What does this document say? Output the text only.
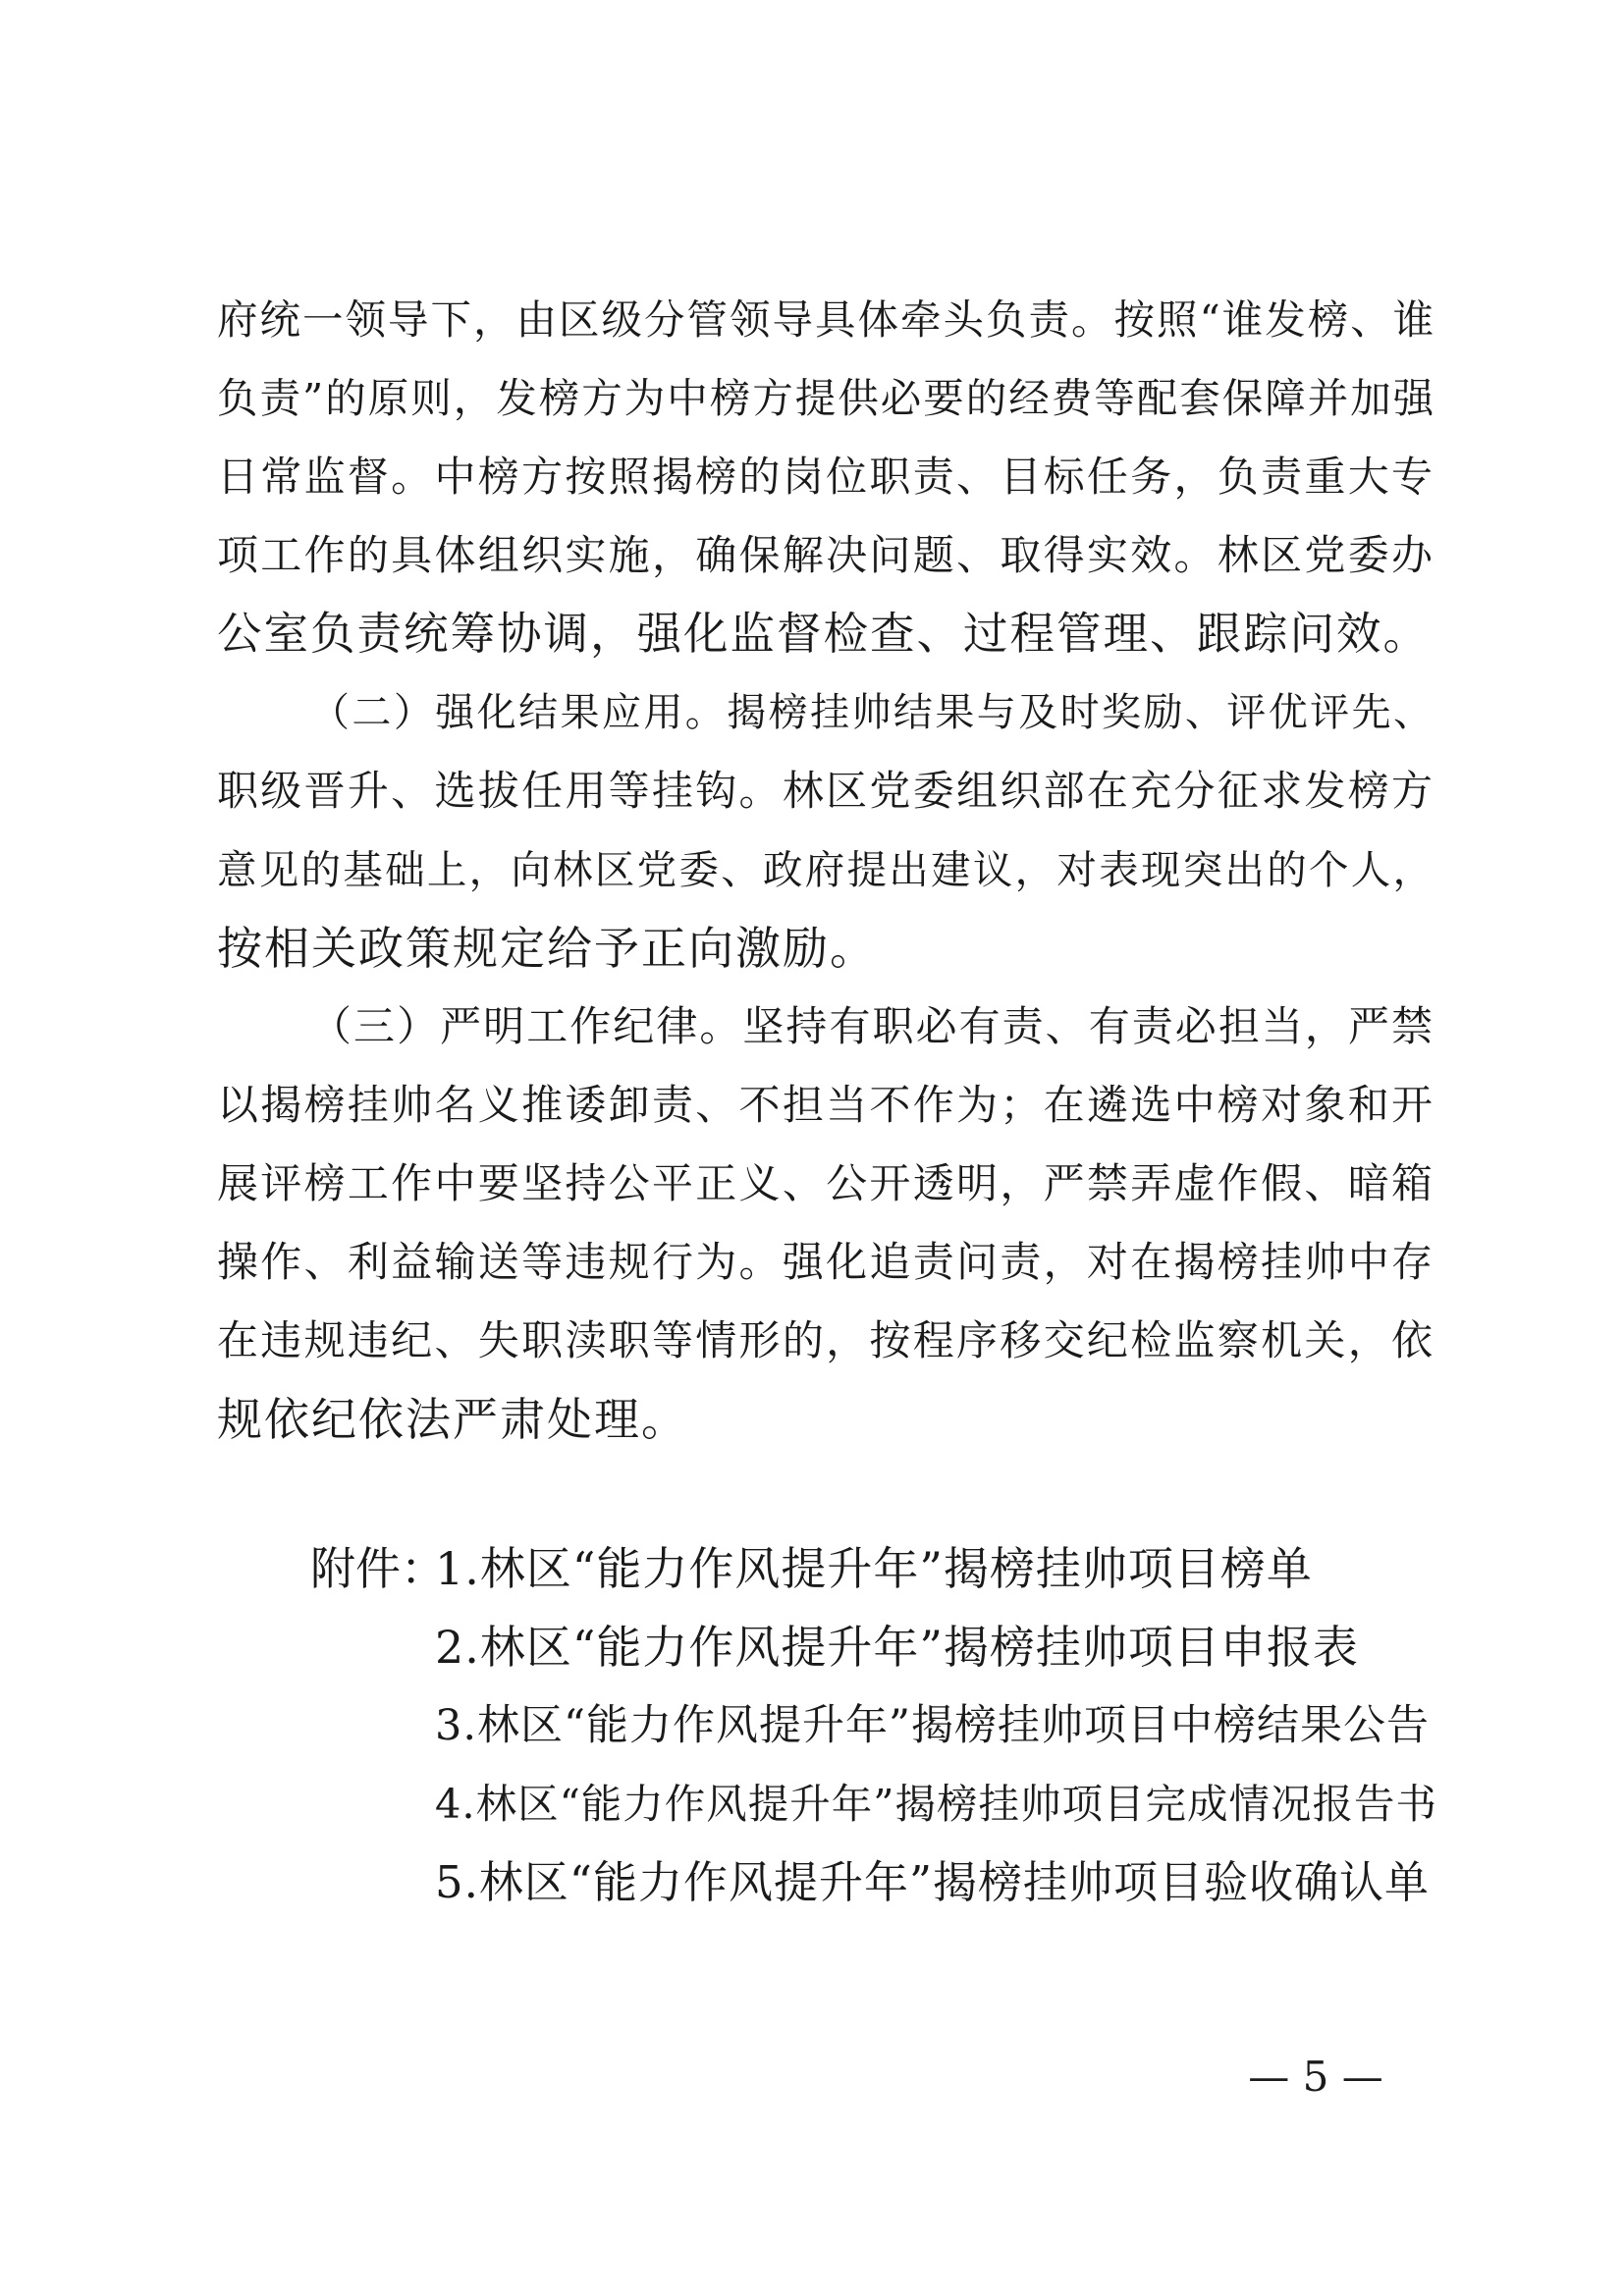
府统一领导下，由区级分管领导具体牵头负责。按照“谁发榜、谁
负责”的原则，发榜方为中榜方提供必要的经费等配套保障并加强
日常监督。中榜方按照揭榜的岗位职责、目标任务，负责重大专
项工作的具体组织实施，确保解决问题、取得实效。林区党委办
公室负责统筹协调，强化监督检查、过程管理、跟踪问效。
（二）强化结果应用。揭榜挂帅结果与及时奖励、评优评先、
职级晋升、选拔任用等挂钩。林区党委组织部在充分征求发榜方
意见的基础上，向林区党委、政府提出建议，对表现突出的个人，
按相关政策规定给予正向激励。
（三）严明工作纪律。坚持有职必有责、有责必担当，严禁
以揭榜挂帅名义推诿卸责、不担当不作为；在遴选中榜对象和开
展评榜工作中要坚持公平正义、公开透明，严禁弄虚作假、暗箱
操作、利益输送等违规行为。强化追责问责，对在揭榜挂帅中存
在违规违纪、失职渎职等情形的，按程序移交纪检监察机关，依
规依纪依法严肃处理。
附件：
1.林区“能力作风提升年”揭榜挂帅项目榜单
2.林区“能力作风提升年”揭榜挂帅项目申报表
3.林区“能力作风提升年”揭榜挂帅项目中榜结果公告
4.林区“能力作风提升年”揭榜挂帅项目完成情况报告书
5.林区“能力作风提升年”揭榜挂帅项目验收确认单
— 5 —
